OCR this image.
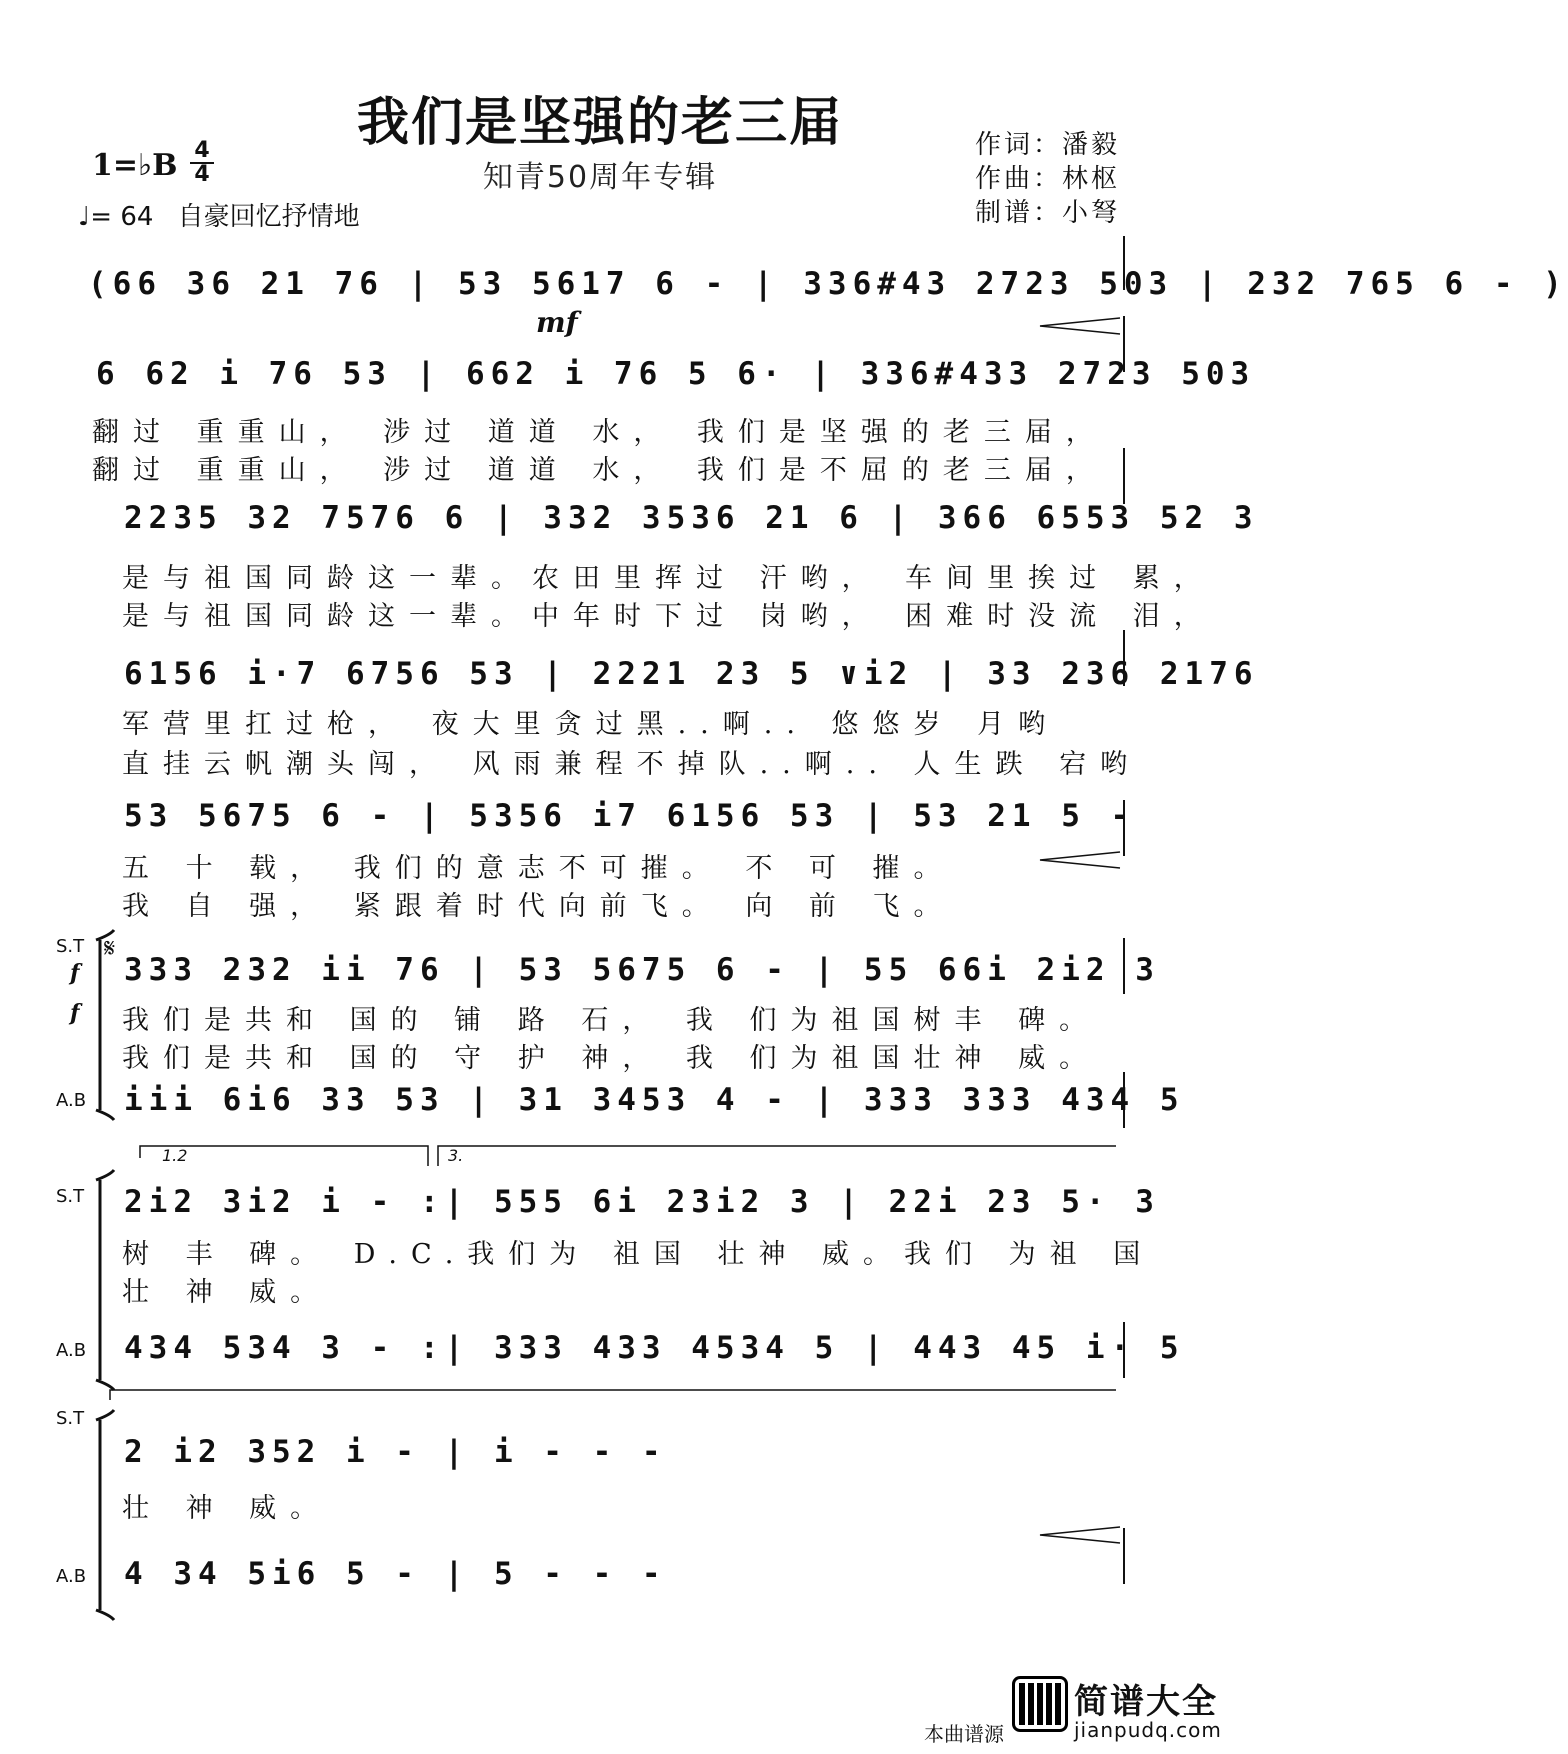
我们是坚强的老三届
知青50周年专辑
作词：潘毅
作曲：林枢
制谱：小弩
1=♭B 4
4
♩= 64 自豪回忆抒情地
(66 36 21 76 | 53 5617 6 - | 336#43 2723 503 | 232 765 6 - )
mf
6 62 i 76 53 | 662 i 76 5 6· | 336#433 2723 503
翻过 重重山， 涉过 道道 水， 我们是坚强的老三届，
翻过 重重山， 涉过 道道 水， 我们是不屈的老三届，
2235 32 7576 6 | 332 3536 21 6 | 366 6553 52 3
是与祖国同龄这一辈。农田里挥过 汗哟， 车间里挨过 累，
是与祖国同龄这一辈。中年时下过 岗哟， 困难时没流 泪，
6156 i·7 6756 53 | 2221 23 5 ∨i2 | 33 236 2176
军营里扛过枪， 夜大里贪过黑..啊.. 悠悠岁 月哟
直挂云帆潮头闯， 风雨兼程不掉队..啊.. 人生跌 宕哟
53 5675 6 - | 5356 i7 6156 53 | 53 21 5 -
五 十 载， 我们的意志不可摧。 不 可 摧。
我 自 强， 紧跟着时代向前飞。 向 前 飞。
S.T
f
f
𝄋
333 232 ii 76 | 53 5675 6 - | 55 66i 2i2 3
我们是共和 国的 铺 路 石， 我 们为祖国树丰 碑。
我们是共和 国的 守 护 神， 我 们为祖国壮神 威。
A.B iii 6i6 33 53 | 31 3453 4 - | 333 333 434 5
S.T
1.2	3.
2i2 3i2 i - :| 555 6i 23i2 3 | 22i 23 5· 3
树 丰 碑。 D.C.我们为 祖国 壮神 威。我们 为祖 国
壮 神 威。
A.B 434 534 3 - :| 333 433 4534 5 | 443 45 i· 5
S.T
2 i2 352 i - | i - - -
壮 神 威。
A.B 4 34 5i6 5 - | 5 - - -
本曲谱源
简谱大全
jianpudq.com
